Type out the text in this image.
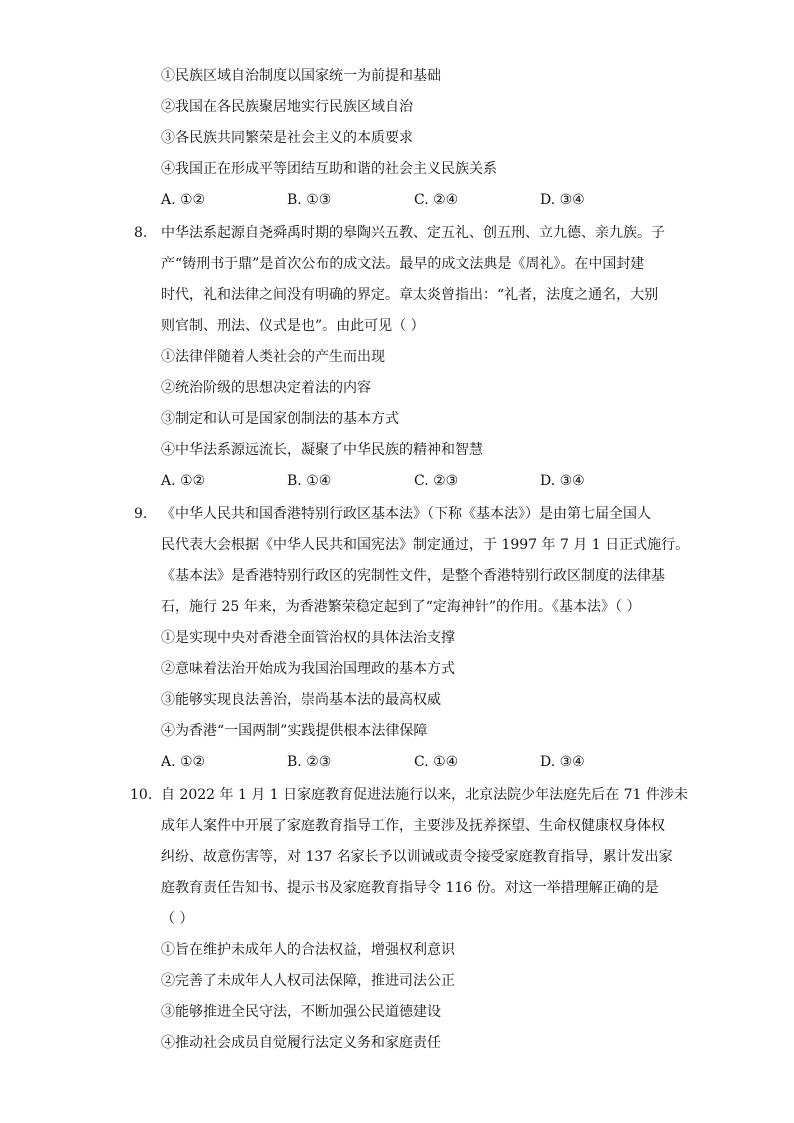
①民族区域自治制度以国家统一为前提和基础
②我国在各民族聚居地实行民族区域自治
③各民族共同繁荣是社会主义的本质要求
④我国正在形成平等团结互助和谐的社会主义民族关系
A. ①②	B. ①③	C. ②④	D. ③④
8. 中华法系起源自尧舜禹时期的皋陶兴五教、定五礼、创五刑、立九德、亲九族。子
产“铸刑书于鼎”是首次公布的成文法。最早的成文法典是《周礼》。在中国封建
时代，礼和法律之间没有明确的界定。章太炎曾指出：“礼者，法度之通名，大别
则官制、刑法、仪式是也”。由此可见（ ）
①法律伴随着人类社会的产生而出现
②统治阶级的思想决定着法的内容
③制定和认可是国家创制法的基本方式
④中华法系源远流长，凝聚了中华民族的精神和智慧
A. ①②	B. ①④	C. ②③	D. ③④
9. 《中华人民共和国香港特别行政区基本法》（下称《基本法》）是由第七届全国人
民代表大会根据《中华人民共和国宪法》制定通过，于 1997 年 7 月 1 日正式施行。
《基本法》是香港特别行政区的宪制性文件，是整个香港特别行政区制度的法律基
石，施行 25 年来，为香港繁荣稳定起到了“定海神针”的作用。《基本法》（ ）
①是实现中央对香港全面管治权的具体法治支撑
②意味着法治开始成为我国治国理政的基本方式
③能够实现良法善治，崇尚基本法的最高权威
④为香港“一国两制”实践提供根本法律保障
A. ①②	B. ②③	C. ①④	D. ③④
10. 自 2022 年 1 月 1 日家庭教育促进法施行以来，北京法院少年法庭先后在 71 件涉未
成年人案件中开展了家庭教育指导工作，主要涉及抚养探望、生命权健康权身体权
纠纷、故意伤害等，对 137 名家长予以训诫或责令接受家庭教育指导，累计发出家
庭教育责任告知书、提示书及家庭教育指导令 116 份。对这一举措理解正确的是
（ ）
①旨在维护未成年人的合法权益，增强权利意识
②完善了未成年人人权司法保障，推进司法公正
③能够推进全民守法，不断加强公民道德建设
④推动社会成员自觉履行法定义务和家庭责任
